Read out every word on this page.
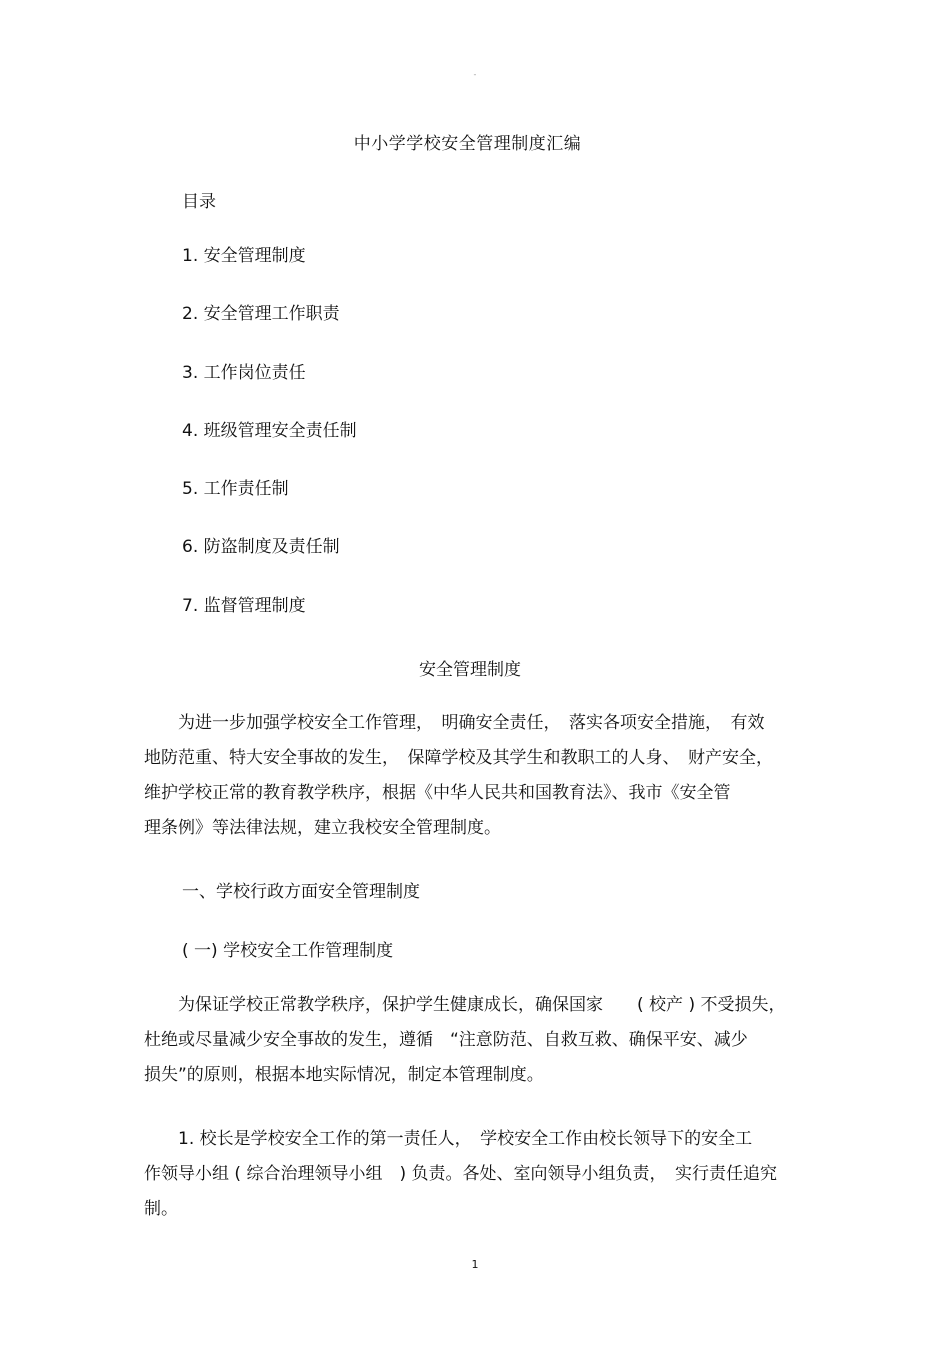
-
中小学学校安全管理制度汇编
目录
1. 安全管理制度
2. 安全管理工作职责
3. 工作岗位责任
4. 班级管理安全责任制
5. 工作责任制
6. 防盗制度及责任制
7. 监督管理制度
安全管理制度

　　为进一步加强学校安全工作管理，　明确安全责任，　落实各项安全措施，　有效
地防范重、特大安全事故的发生，　保障学校及其学生和教职工的人身、　财产安全，
维护学校正常的教育教学秩序，根据《中华人民共和国教育法》、我市《安全管
理条例》等法律法规，建立我校安全管理制度。

一、学校行政方面安全管理制度
( 一) 学校安全工作管理制度

　　为保证学校正常教学秩序，保护学生健康成长，确保国家　　( 校产 ) 不受损失，
杜绝或尽量减少安全事故的发生，遵循　“注意防范、自救互救、确保平安、减少
损失”的原则，根据本地实际情况，制定本管理制度。

　　1. 校长是学校安全工作的第一责任人，　学校安全工作由校长领导下的安全工
作领导小组 ( 综合治理领导小组　) 负责。各处、室向领导小组负责，　实行责任追究
制。

1
